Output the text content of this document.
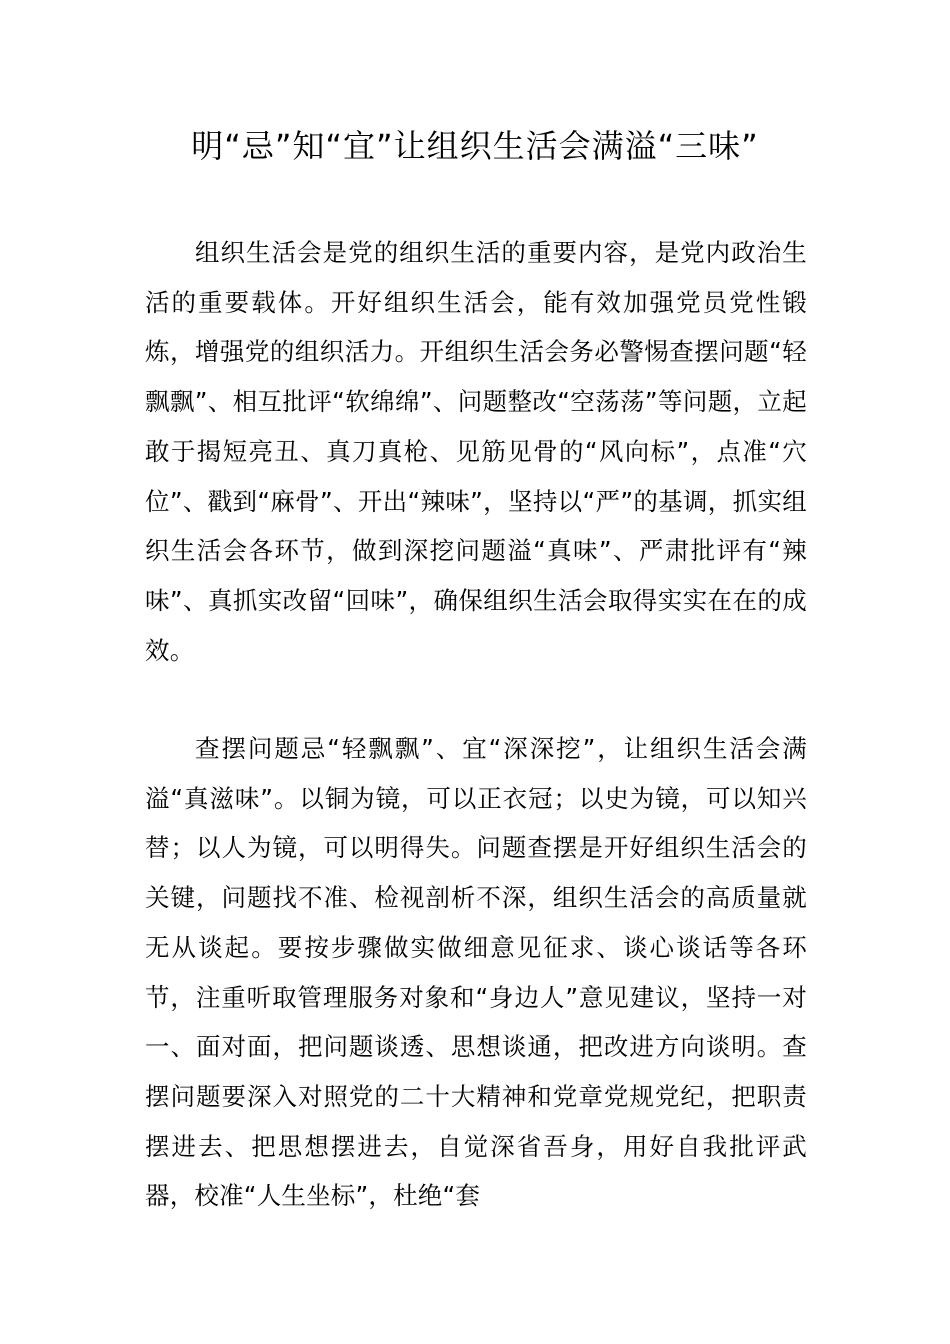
明“忌”知“宜”让组织生活会满溢“三味”

组织生活会是党的组织生活的重要内容，是党内政治生活的重要载体。开好组织生活会，能有效加强党员党性锻炼，增强党的组织活力。开组织生活会务必警惕查摆问题“轻飘飘”、相互批评“软绵绵”、问题整改“空荡荡”等问题，立起敢于揭短亮丑、真刀真枪、见筋见骨的“风向标”，点准“穴位”、戳到“麻骨”、开出“辣味”，坚持以“严”的基调，抓实组织生活会各环节，做到深挖问题溢“真味”、严肃批评有“辣味”、真抓实改留“回味”，确保组织生活会取得实实在在的成效。

查摆问题忌“轻飘飘”、宜“深深挖”，让组织生活会满溢“真滋味”。以铜为镜，可以正衣冠；以史为镜，可以知兴替；以人为镜，可以明得失。问题查摆是开好组织生活会的关键，问题找不准、检视剖析不深，组织生活会的高质量就无从谈起。要按步骤做实做细意见征求、谈心谈话等各环节，注重听取管理服务对象和“身边人”意见建议，坚持一对一、面对面，把问题谈透、思想谈通，把改进方向谈明。查摆问题要深入对照党的二十大精神和党章党规党纪，把职责摆进去、把思想摆进去，自觉深省吾身，用好自我批评武器，校准“人生坐标”，杜绝“套
